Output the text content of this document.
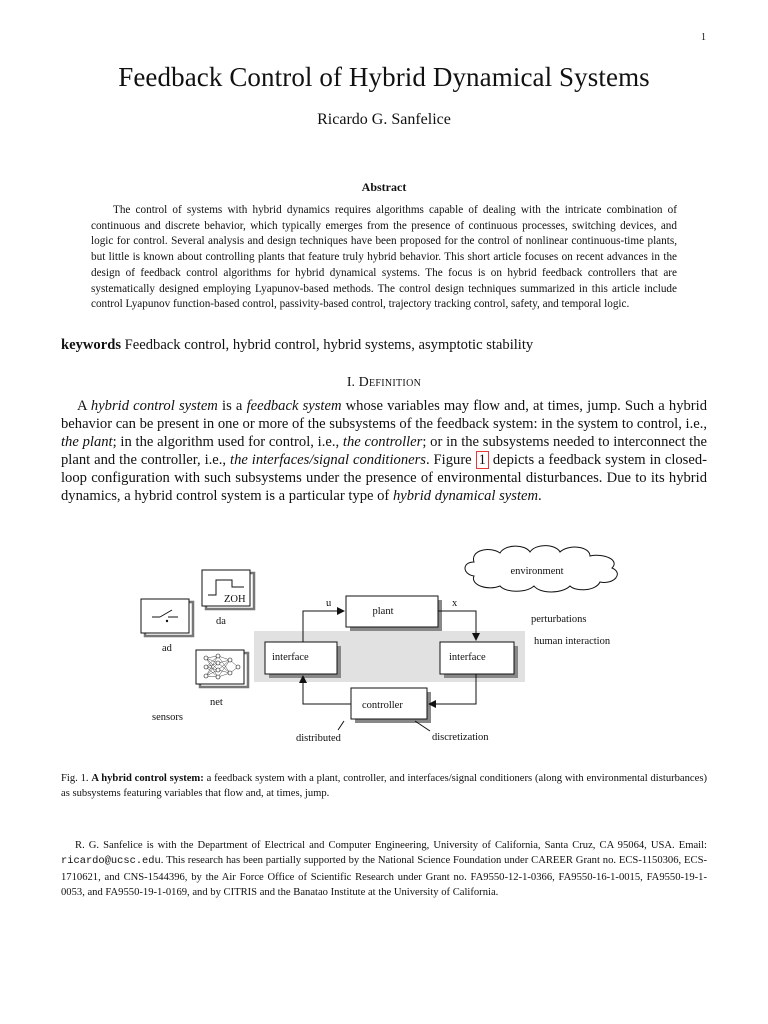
1
Feedback Control of Hybrid Dynamical Systems
Ricardo G. Sanfelice
Abstract

The control of systems with hybrid dynamics requires algorithms capable of dealing with the intricate combination of continuous and discrete behavior, which typically emerges from the presence of continuous processes, switching devices, and logic for control. Several analysis and design techniques have been proposed for the control of nonlinear continuous-time plants, but little is known about controlling plants that feature truly hybrid behavior. This short article focuses on recent advances in the design of feedback control algorithms for hybrid dynamical systems. The focus is on hybrid feedback controllers that are systematically designed employing Lyapunov-based methods. The control design techniques summarized in this article include control Lyapunov function-based control, passivity-based control, trajectory tracking control, safety, and temporal logic.

keywords Feedback control, hybrid control, hybrid systems, asymptotic stability
I. Definition

A hybrid control system is a feedback system whose variables may flow and, at times, jump. Such a hybrid behavior can be present in one or more of the subsystems of the feedback system: in the system to control, i.e., the plant; in the algorithm used for control, i.e., the controller; or in the subsystems needed to interconnect the plant and the controller, i.e., the interfaces/signal conditioners. Figure 1 depicts a feedback system in closed-loop configuration with such subsystems under the presence of environmental disturbances. Due to its hybrid dynamics, a hybrid control system is a particular type of hybrid dynamical system.

environment
ZOH
da
ad
net
sensors
plant
interface	interface
controller
u	x
perturbations
human interaction
distributed	discretization

Fig. 1. A hybrid control system: a feedback system with a plant, controller, and interfaces/signal conditioners (along with environmental disturbances) as subsystems featuring variables that flow and, at times, jump.

R. G. Sanfelice is with the Department of Electrical and Computer Engineering, University of California, Santa Cruz, CA 95064, USA. Email: ricardo@ucsc.edu. This research has been partially supported by the National Science Foundation under CAREER Grant no. ECS-1150306, ECS-1710621, and CNS-1544396, by the Air Force Office of Scientific Research under Grant no. FA9550-12-1-0366, FA9550-16-1-0015, FA9550-19-1-0053, and FA9550-19-1-0169, and by CITRIS and the Banatao Institute at the University of California.
